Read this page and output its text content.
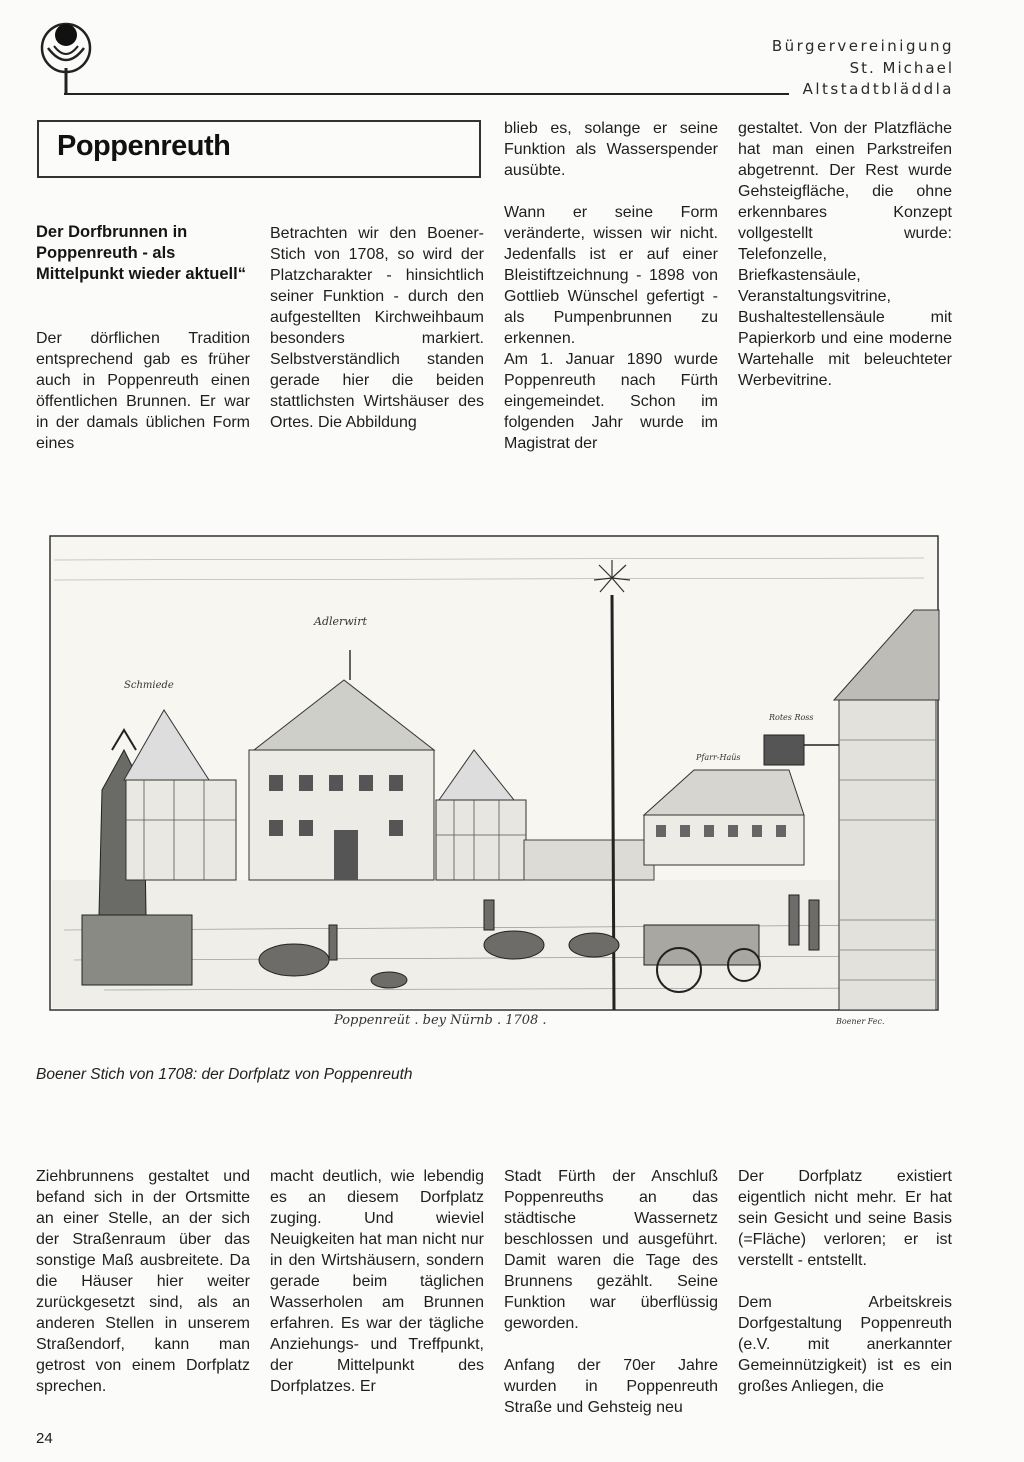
Bürgervereinigung
St. Michael
Altstadtbläddla
Poppenreuth
Der Dorfbrunnen in Poppenreuth - als Mittelpunkt wieder aktuell“

Der dörflichen Tradition entsprechend gab es früher auch in Poppenreuth einen öffentlichen Brunnen. Er war in der damals üblichen Form eines

Betrachten wir den Boener-Stich von 1708, so wird der Platzcharakter - hinsichtlich seiner Funktion - durch den aufgestellten Kirchweihbaum besonders markiert. Selbstverständlich standen gerade hier die beiden stattlichsten Wirtshäuser des Ortes. Die Abbildung

blieb es, solange er seine Funktion als Wasserspender ausübte.

Wann er seine Form veränderte, wissen wir nicht. Jedenfalls ist er auf einer Bleistiftzeichnung - 1898 von Gottlieb Wünschel gefertigt - als Pumpenbrunnen zu erkennen.

Am 1. Januar 1890 wurde Poppenreuth nach Fürth eingemeindet. Schon im folgenden Jahr wurde im Magistrat der

gestaltet. Von der Platzfläche hat man einen Parkstreifen abgetrennt. Der Rest wurde Gehsteigfläche, die ohne erkennbares Konzept vollgestellt wurde: Telefonzelle, Briefkastensäule, Veranstaltungsvitrine, Bushaltestellensäule mit Papierkorb und eine moderne Wartehalle mit beleuchteter Werbevitrine.

Schmiede
Adlerwirt
Pfarr-Haüs
Rotes Ross
Poppenreüt . bey Nürnb . 1708 .	Boener Fec.
Boener Stich von 1708: der Dorfplatz von Poppenreuth

Ziehbrunnens gestaltet und befand sich in der Ortsmitte an einer Stelle, an der sich der Straßenraum über das sonstige Maß ausbreitete. Da die Häuser hier weiter zurückgesetzt sind, als an anderen Stellen in unserem Straßendorf, kann man getrost von einem Dorfplatz sprechen.

macht deutlich, wie lebendig es an diesem Dorfplatz zuging. Und wieviel Neuigkeiten hat man nicht nur in den Wirtshäusern, sondern gerade beim täglichen Wasserholen am Brunnen erfahren. Es war der tägliche Anziehungs- und Treffpunkt, der Mittelpunkt des Dorfplatzes. Er

Stadt Fürth der Anschluß Poppenreuths an das städtische Wassernetz beschlossen und ausgeführt. Damit waren die Tage des Brunnens gezählt. Seine Funktion war überflüssig geworden.

Anfang der 70er Jahre wurden in Poppenreuth Straße und Gehsteig neu

Der Dorfplatz existiert eigentlich nicht mehr. Er hat sein Gesicht und seine Basis (=Fläche) verloren; er ist verstellt - entstellt.

Dem Arbeitskreis Dorfgestaltung Poppenreuth (e.V. mit anerkannter Gemeinnützigkeit) ist es ein großes Anliegen, die

24
